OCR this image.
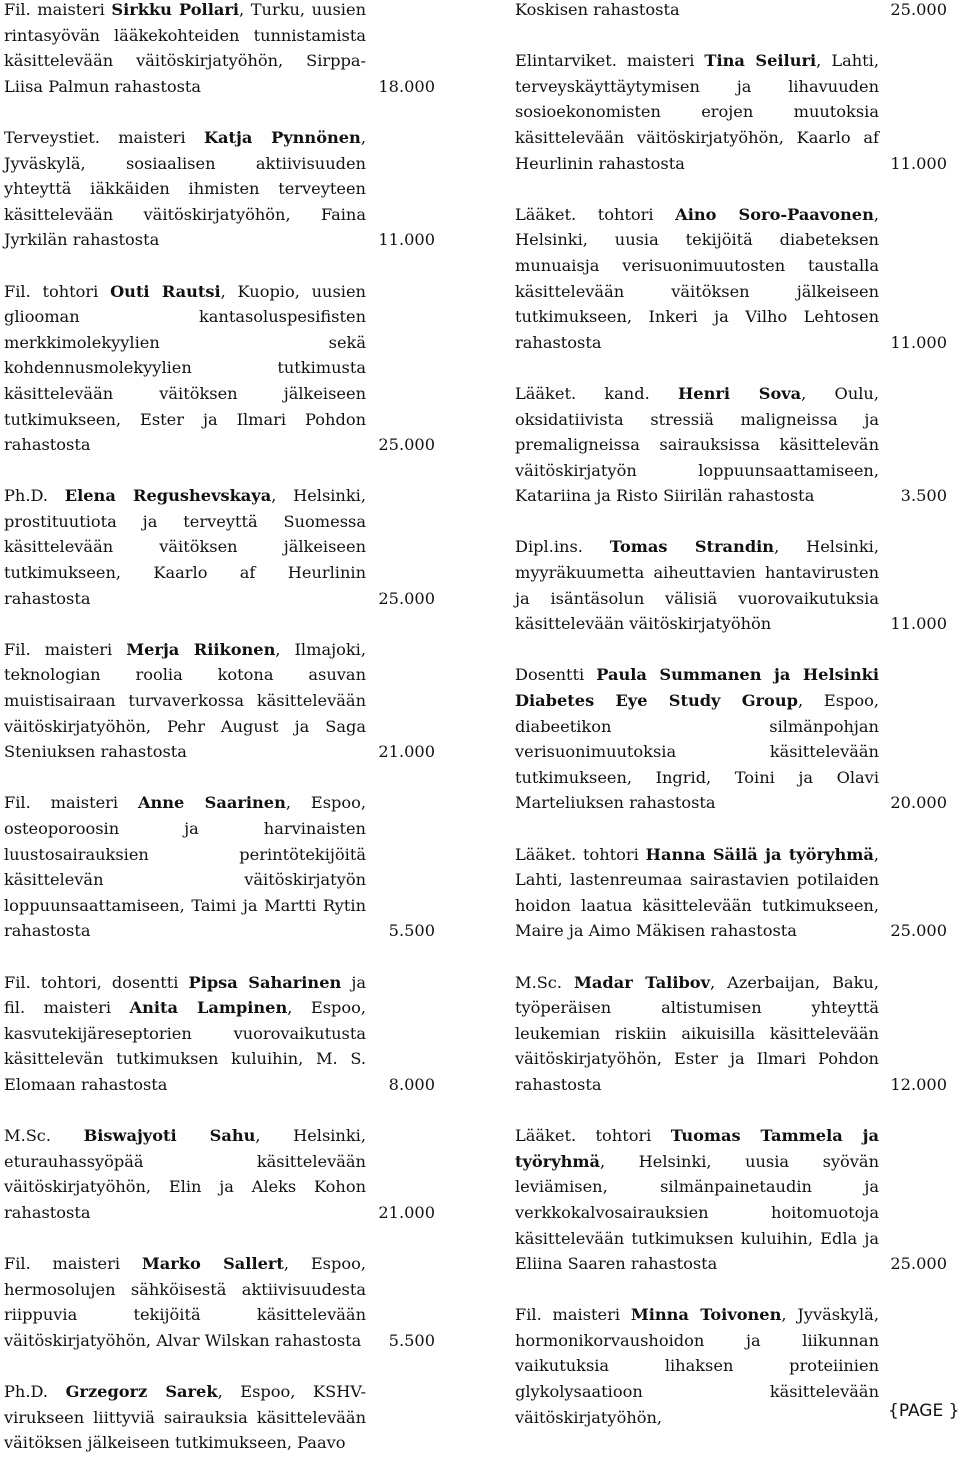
Fil. maisteri Sirkku Pollari, Turku, uusien rintasyövän lääkekohteiden tunnistamista käsittelevään väitöskirjatyöhön, Sirppa-Liisa Palmun rahastosta	18.000
Terveystiet. maisteri Katja Pynnönen, Jyväskylä, sosiaalisen aktiivisuuden yhteyttä iäkkäiden ihmisten terveyteen käsittelevään väitöskirjatyöhön, Faina Jyrkilän rahastosta	11.000
Fil. tohtori Outi Rautsi, Kuopio, uusien gliooman kantasoluspesifisten merkkimolekyylien sekä kohdennusmolekyylien tutkimusta käsittelevään väitöksen jälkeiseen tutkimukseen, Ester ja Ilmari Pohdon rahastosta	25.000
Ph.D. Elena Regushevskaya, Helsinki, prostituutiota ja terveyttä Suomessa käsittelevään väitöksen jälkeiseen tutkimukseen, Kaarlo af Heurlinin rahastosta	25.000
Fil. maisteri Merja Riikonen, Ilmajoki, teknologian roolia kotona asuvan muistisairaan turvaverkossa käsittelevään väitöskirjatyöhön, Pehr August ja Saga Steniuksen rahastosta	21.000
Fil. maisteri Anne Saarinen, Espoo, osteoporoosin ja harvinaisten luustosairauksien perintötekijöitä käsittelevän väitöskirjatyön loppuunsaattamiseen, Taimi ja Martti Rytin rahastosta	5.500
Fil. tohtori, dosentti Pipsa Saharinen ja fil. maisteri Anita Lampinen, Espoo, kasvutekijäreseptorien vuorovaikutusta käsittelevän tutkimuksen kuluihin, M. S. Elomaan rahastosta	8.000
M.Sc. Biswajyoti Sahu, Helsinki, eturauhassyöpää käsittelevään väitöskirjatyöhön, Elin ja Aleks Kohon rahastosta	21.000
Fil. maisteri Marko Sallert, Espoo, hermosolujen sähköisestä aktiivisuudesta riippuvia tekijöitä käsittelevään väitöskirjatyöhön, Alvar Wilskan rahastosta 5.500
Ph.D. Grzegorz Sarek, Espoo, KSHV-virukseen liittyviä sairauksia käsittelevään väitöksen jälkeiseen tutkimukseen, Paavo
Koskisen rahastosta	25.000
Elintarviket. maisteri Tina Seiluri, Lahti, terveyskäyttäytymisen ja lihavuuden sosioekonomisten erojen muutoksia käsittelevään väitöskirjatyöhön, Kaarlo af Heurlinin rahastosta	11.000
Lääket. tohtori Aino Soro-Paavonen, Helsinki, uusia tekijöitä diabeteksen munuaisja verisuonimuutosten taustalla käsittelevään väitöksen jälkeiseen tutkimukseen, Inkeri ja Vilho Lehtosen rahastosta	11.000
Lääket. kand. Henri Sova, Oulu, oksidatiivista stressiä maligneissa ja premaligneissa sairauksissa käsittelevän väitöskirjatyön loppuunsaattamiseen, Katariina ja Risto Siirilän rahastosta	3.500
Dipl.ins. Tomas Strandin, Helsinki, myyräkuumetta aiheuttavien hantavirusten ja isäntäsolun välisiä vuorovaikutuksia käsittelevään väitöskirjatyöhön	11.000
Dosentti Paula Summanen ja Helsinki Diabetes Eye Study Group, Espoo, diabeetikon silmänpohjan verisuonimuutoksia käsittelevään tutkimukseen, Ingrid, Toini ja Olavi Marteliuksen rahastosta	20.000
Lääket. tohtori Hanna Säilä ja työryhmä, Lahti, lastenreumaa sairastavien potilaiden hoidon laatua käsittelevään tutkimukseen, Maire ja Aimo Mäkisen rahastosta	25.000
M.Sc. Madar Talibov, Azerbaijan, Baku, työperäisen altistumisen yhteyttä leukemian riskiin aikuisilla käsittelevään väitöskirjatyöhön, Ester ja Ilmari Pohdon rahastosta	12.000
Lääket. tohtori Tuomas Tammela ja työryhmä, Helsinki, uusia syövän leviämisen, silmänpainetaudin ja verkkokalvosairauksien hoitomuotoja käsittelevään tutkimuksen kuluihin, Edla ja Eliina Saaren rahastosta	25.000
Fil. maisteri Minna Toivonen, Jyväskylä, hormonikorvaushoidon ja liikunnan vaikutuksia lihaksen proteiinien glykolysaatioon käsittelevään väitöskirjatyöhön,	{PAGE }
